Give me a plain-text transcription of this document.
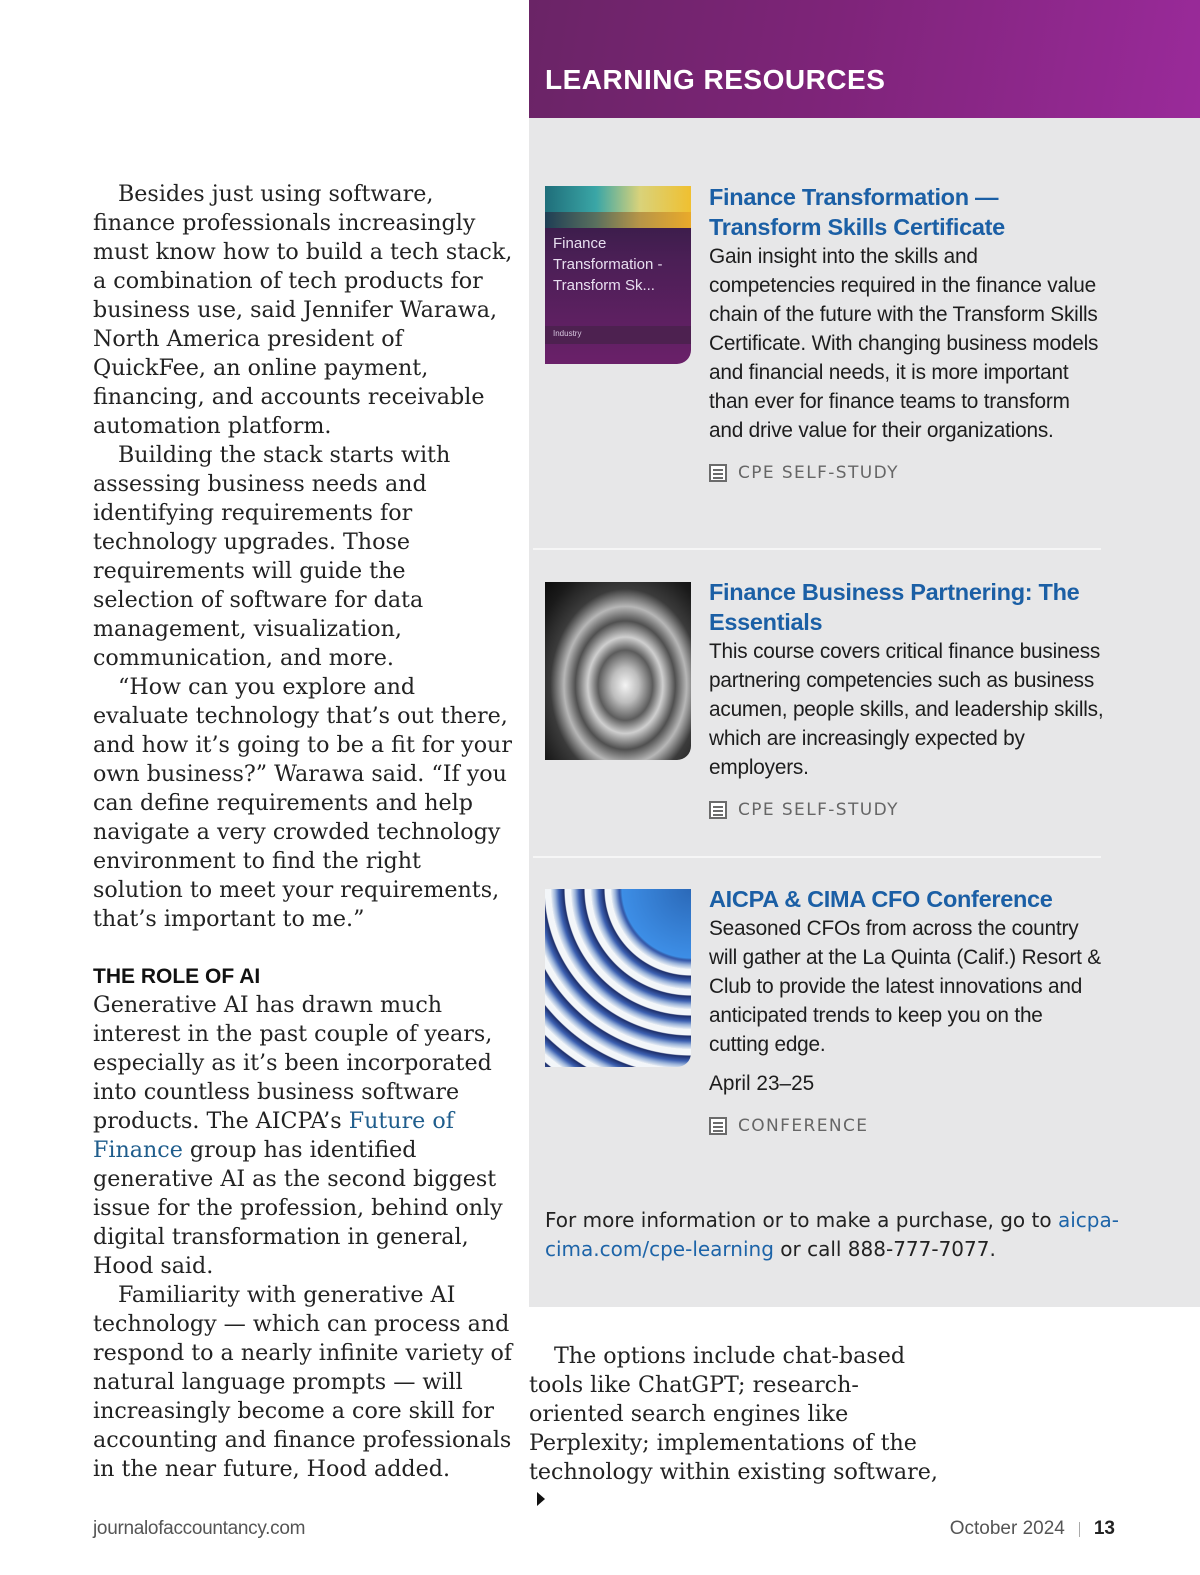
Besides just using software, finance professionals increasingly must know how to build a tech stack, a combination of tech products for business use, said Jennifer Warawa, North America president of QuickFee, an online payment, financing, and accounts receivable automation platform.

Building the stack starts with assessing business needs and identifying requirements for technology upgrades. Those requirements will guide the selection of software for data management, visualization, communication, and more.

“How can you explore and evaluate technology that’s out there, and how it’s going to be a fit for your own business?” Warawa said. “If you can define requirements and help navigate a very crowded technology environment to find the right solution to meet your requirements, that’s important to me.”

THE ROLE OF AI

Generative AI has drawn much interest in the past couple of years, especially as it’s been incorporated into countless business software products. The AICPA’s Future of Finance group has identified generative AI as the second biggest issue for the profession, behind only digital transformation in general, Hood said.

Familiarity with generative AI technology — which can process and respond to a nearly infinite variety of natural language prompts — will increasingly become a core skill for accounting and finance professionals in the near future, Hood added.

LEARNING RESOURCES
Finance Transformation - Transform Sk...
Industry
Finance Transformation — Transform Skills Certificate
Gain insight into the skills and competencies required in the finance value chain of the future with the Transform Skills Certificate. With changing business models and financial needs, it is more important than ever for finance teams to transform and drive value for their organizations.
CPE SELF-STUDY
Finance Business Partnering: The Essentials
This course covers critical finance business partnering competencies such as business acumen, people skills, and leadership skills, which are increasingly expected by employers.
CPE SELF-STUDY
AICPA & CIMA CFO Conference
Seasoned CFOs from across the country will gather at the La Quinta (Calif.) Resort & Club to provide the latest innovations and anticipated trends to keep you on the cutting edge.
April 23–25
CONFERENCE
For more information or to make a purchase, go to aicpa-cima.com/cpe-learning or call 888-777-7077.

The options include chat-based tools like ChatGPT; research-oriented search engines like Perplexity; implementations of the technology within existing software,

journalofaccountancy.com	October 2024 13
